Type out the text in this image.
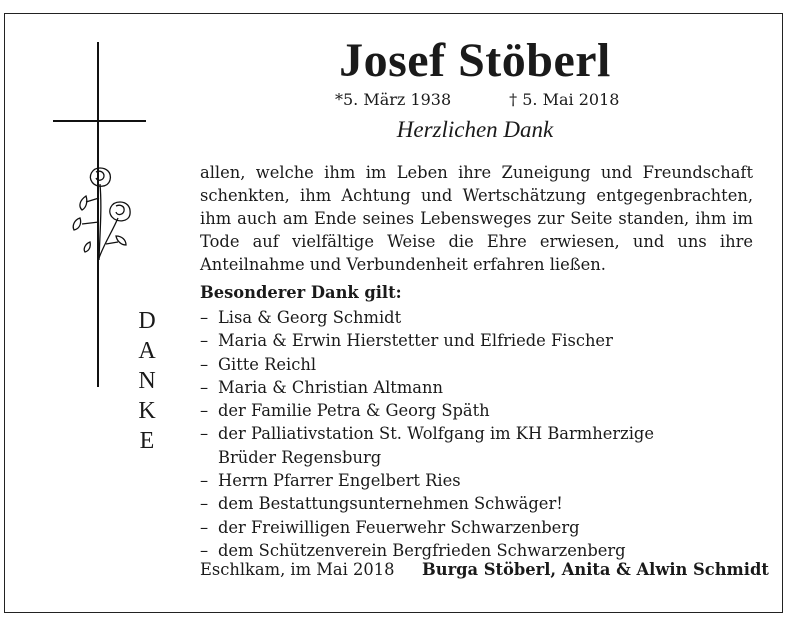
D
A
N
K
E
Josef Stöberl
*5. März 1938	† 5. Mai 2018
Herzlichen Dank

allen, welche ihm im Leben ihre Zuneigung und Freundschaft schenkten, ihm Achtung und Wertschätzung entgegenbrachten, ihm auch am Ende seines Lebensweges zur Seite standen, ihm im Tode auf vielfältige Weise die Ehre erwiesen, und uns ihre Anteilnahme und Verbundenheit erfahren ließen.

Besonderer Dank gilt:
– Lisa & Georg Schmidt
– Maria & Erwin Hierstetter und Elfriede Fischer
– Gitte Reichl
– Maria & Christian Altmann
– der Familie Petra & Georg Späth
– der Palliativstation St. Wolfgang im KH Barmherzige Brüder Regensburg
– Herrn Pfarrer Engelbert Ries
– dem Bestattungsunternehmen Schwäger!
– der Freiwilligen Feuerwehr Schwarzenberg
– dem Schützenverein Bergfrieden Schwarzenberg
Eschlkam, im Mai 2018 Burga Stöberl, Anita & Alwin Schmidt
